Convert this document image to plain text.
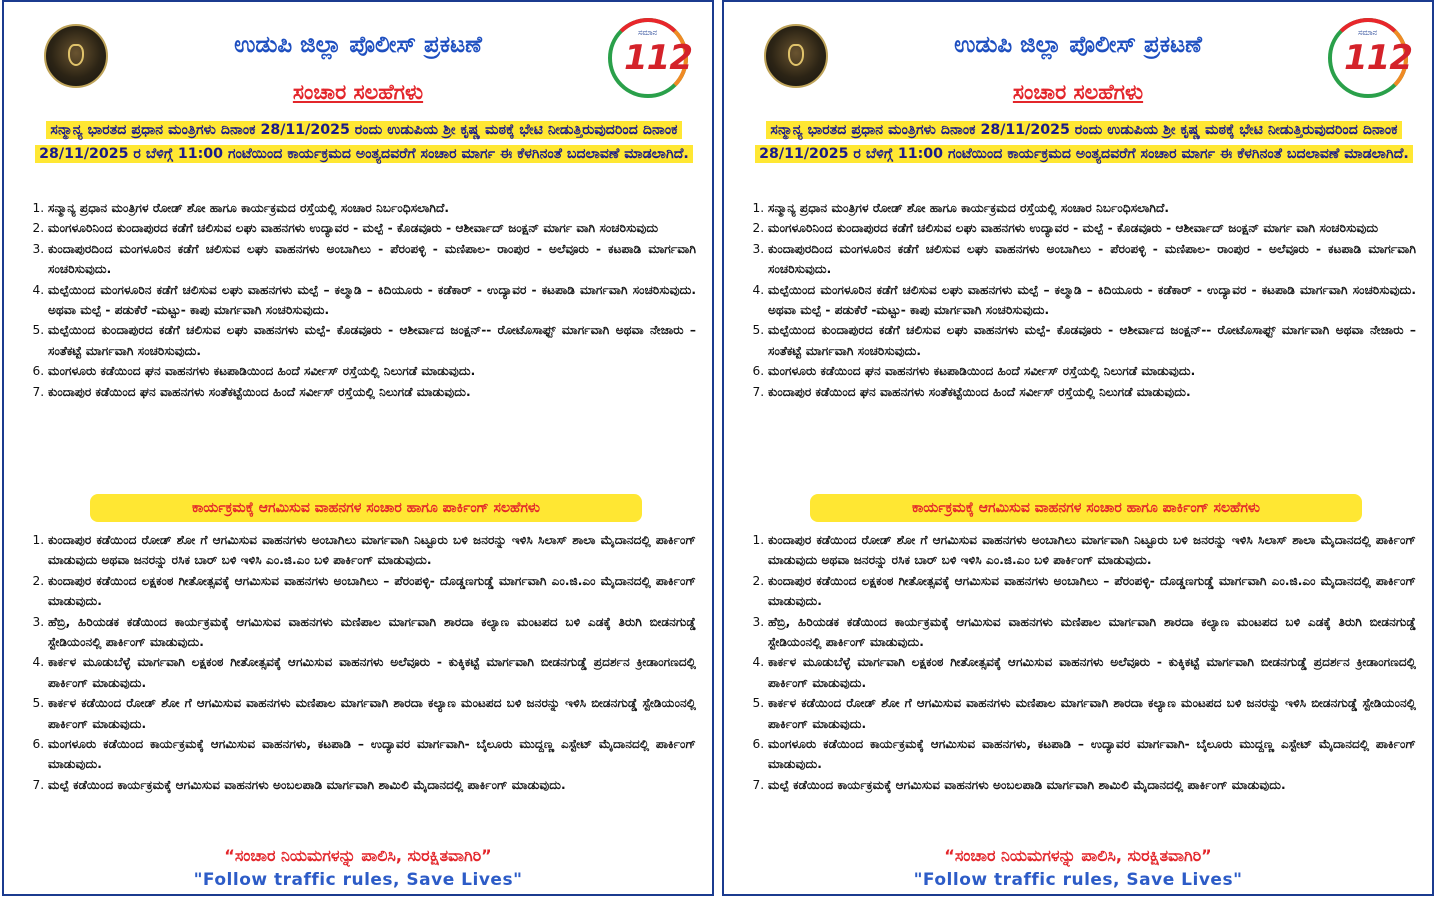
ಸಮಾನ
112
ಉಡುಪಿ ಜಿಲ್ಲಾ ಪೊಲೀಸ್ ಪ್ರಕಟಣೆ
ಸಂಚಾರ ಸಲಹೆಗಳು
ಸನ್ಮಾನ್ಯ ಭಾರತದ ಪ್ರಧಾನ ಮಂತ್ರಿಗಳು ದಿನಾಂಕ 28/11/2025 ರಂದು ಉಡುಪಿಯ ಶ್ರೀ ಕೃಷ್ಣ ಮಠಕ್ಕೆ ಭೇಟಿ ನೀಡುತ್ತಿರುವುದರಿಂದ ದಿನಾಂಕ 28/11/2025 ರ ಬೆಳಿಗ್ಗೆ 11:00 ಗಂಟೆಯಿಂದ ಕಾರ್ಯಕ್ರಮದ ಅಂತ್ಯದವರೆಗೆ ಸಂಚಾರ ಮಾರ್ಗ ಈ ಕೆಳಗಿನಂತೆ ಬದಲಾವಣೆ ಮಾಡಲಾಗಿದೆ.
1. ಸನ್ಮಾನ್ಯ ಪ್ರಧಾನ ಮಂತ್ರಿಗಳ ರೋಡ್ ಶೋ ಹಾಗೂ ಕಾರ್ಯಕ್ರಮದ ರಸ್ತೆಯಲ್ಲಿ ಸಂಚಾರ ನಿರ್ಬಂಧಿಸಲಾಗಿದೆ.
2. ಮಂಗಳೂರಿನಿಂದ ಕುಂದಾಪುರದ ಕಡೆಗೆ ಚಲಿಸುವ ಲಘು ವಾಹನಗಳು ಉದ್ಯಾವರ - ಮಲ್ಪೆ - ಕೊಡವೂರು - ಆಶೀರ್ವಾದ್ ಜಂಕ್ಷನ್ ಮಾರ್ಗ ವಾಗಿ ಸಂಚರಿಸುವುದು
3. ಕುಂದಾಪುರದಿಂದ ಮಂಗಳೂರಿನ ಕಡೆಗೆ ಚಲಿಸುವ ಲಘು ವಾಹನಗಳು ಅಂಬಾಗಿಲು - ಪೆರಂಪಳ್ಳಿ - ಮಣಿಪಾಲ- ರಾಂಪುರ - ಅಲೆವೂರು - ಕಟಪಾಡಿ ಮಾರ್ಗವಾಗಿ ಸಂಚರಿಸುವುದು.
4. ಮಲ್ಪೆಯಿಂದ ಮಂಗಳೂರಿನ ಕಡೆಗೆ ಚಲಿಸುವ ಲಘು ವಾಹನಗಳು ಮಲ್ಪೆ – ಕಲ್ಮಾಡಿ – ಕಿದಿಯೂರು - ಕಡೆಕಾರ್ - ಉದ್ಯಾವರ - ಕಟಪಾಡಿ ಮಾರ್ಗವಾಗಿ ಸಂಚರಿಸುವುದು. ಅಥವಾ ಮಲ್ಪೆ - ಪಡುಕೆರೆ -ಮಟ್ಟು- ಕಾಪು ಮಾರ್ಗವಾಗಿ ಸಂಚರಿಸುವುದು.
5. ಮಲ್ಪೆಯಿಂದ ಕುಂದಾಪುರದ ಕಡೆಗೆ ಚಲಿಸುವ ಲಘು ವಾಹನಗಳು ಮಲ್ಪೆ- ಕೊಡವೂರು - ಆಶೀರ್ವಾದ ಜಂಕ್ಷನ್-- ರೋಟೊಸಾಫ್ಟ್ ಮಾರ್ಗವಾಗಿ ಅಥವಾ ನೇಜಾರು – ಸಂತೆಕಟ್ಟೆ ಮಾರ್ಗವಾಗಿ ಸಂಚರಿಸುವುದು.
6. ಮಂಗಳೂರು ಕಡೆಯಿಂದ ಘನ ವಾಹನಗಳು ಕಟಪಾಡಿಯಿಂದ ಹಿಂದೆ ಸರ್ವೀಸ್ ರಸ್ತೆಯಲ್ಲಿ ನಿಲುಗಡೆ ಮಾಡುವುದು.
7. ಕುಂದಾಪುರ ಕಡೆಯಿಂದ ಘನ ವಾಹನಗಳು ಸಂತೆಕಟ್ಟೆಯಿಂದ ಹಿಂದೆ ಸರ್ವೀಸ್ ರಸ್ತೆಯಲ್ಲಿ ನಿಲುಗಡೆ ಮಾಡುವುದು.
ಕಾರ್ಯಕ್ರಮಕ್ಕೆ ಆಗಮಿಸುವ ವಾಹನಗಳ ಸಂಚಾರ ಹಾಗೂ ಪಾರ್ಕಿಂಗ್ ಸಲಹೆಗಳು
1. ಕುಂದಾಪುರ ಕಡೆಯಿಂದ ರೋಡ್ ಶೋ ಗೆ ಆಗಮಿಸುವ ವಾಹನಗಳು ಅಂಬಾಗಿಲು ಮಾರ್ಗವಾಗಿ ನಿಟ್ಟೂರು ಬಳಿ ಜನರನ್ನು ಇಳಿಸಿ ಸಿಲಾಸ್ ಶಾಲಾ ಮೈದಾನದಲ್ಲಿ ಪಾರ್ಕಿಂಗ್ ಮಾಡುವುದು ಅಥವಾ ಜನರನ್ನು ರಸಿಕ ಬಾರ್ ಬಳಿ ಇಳಿಸಿ ಎಂ.ಜಿ.ಎಂ ಬಳಿ ಪಾರ್ಕಿಂಗ್ ಮಾಡುವುದು.
2. ಕುಂದಾಪುರ ಕಡೆಯಿಂದ ಲಕ್ಷಕಂಠ ಗೀತೋತ್ಸವಕ್ಕೆ ಆಗಮಿಸುವ ವಾಹನಗಳು ಅಂಬಾಗಿಲು – ಪೆರಂಪಳ್ಳಿ- ದೊಡ್ಡಣಗುಡ್ಡೆ ಮಾರ್ಗವಾಗಿ ಎಂ.ಜಿ.ಎಂ ಮೈದಾನದಲ್ಲಿ ಪಾರ್ಕಿಂಗ್ ಮಾಡುವುದು.
3. ಹೆಬ್ರಿ, ಹಿರಿಯಡಕ ಕಡೆಯಿಂದ ಕಾರ್ಯಕ್ರಮಕ್ಕೆ ಆಗಮಿಸುವ ವಾಹನಗಳು ಮಣಿಪಾಲ ಮಾರ್ಗವಾಗಿ ಶಾರದಾ ಕಲ್ಯಾಣ ಮಂಟಪದ ಬಳಿ ಎಡಕ್ಕೆ ತಿರುಗಿ ಬೀಡನಗುಡ್ಡೆ ಸ್ಟೇಡಿಯಂನಲ್ಲಿ ಪಾರ್ಕಿಂಗ್ ಮಾಡುವುದು.
4. ಕಾರ್ಕಳ ಮೂಡುಬೆಳ್ಳೆ ಮಾರ್ಗವಾಗಿ ಲಕ್ಷಕಂಠ ಗೀತೋತ್ಸವಕ್ಕೆ ಆಗಮಿಸುವ ವಾಹನಗಳು ಅಲೆವೂರು - ಕುಕ್ಕಿಕಟ್ಟೆ ಮಾರ್ಗವಾಗಿ ಬೀಡನಗುಡ್ಡೆ ಪ್ರದರ್ಶನ ಕ್ರೀಡಾಂಗಣದಲ್ಲಿ ಪಾರ್ಕಿಂಗ್ ಮಾಡುವುದು.
5. ಕಾರ್ಕಳ ಕಡೆಯಿಂದ ರೋಡ್ ಶೋ ಗೆ ಆಗಮಿಸುವ ವಾಹನಗಳು ಮಣಿಪಾಲ ಮಾರ್ಗವಾಗಿ ಶಾರದಾ ಕಲ್ಯಾಣ ಮಂಟಪದ ಬಳಿ ಜನರನ್ನು ಇಳಿಸಿ ಬೀಡನಗುಡ್ಡೆ ಸ್ಟೇಡಿಯಂನಲ್ಲಿ ಪಾರ್ಕಿಂಗ್ ಮಾಡುವುದು.
6. ಮಂಗಳೂರು ಕಡೆಯಿಂದ ಕಾರ್ಯಕ್ರಮಕ್ಕೆ ಆಗಮಿಸುವ ವಾಹನಗಳು, ಕಟಪಾಡಿ – ಉದ್ಯಾವರ ಮಾರ್ಗವಾಗಿ- ಬೈಲೂರು ಮುದ್ದಣ್ಣ ಎಸ್ಟೇಟ್ ಮೈದಾನದಲ್ಲಿ ಪಾರ್ಕಿಂಗ್ ಮಾಡುವುದು.
7. ಮಲ್ಪೆ ಕಡೆಯಿಂದ ಕಾರ್ಯಕ್ರಮಕ್ಕೆ ಆಗಮಿಸುವ ವಾಹನಗಳು ಅಂಬಲಪಾಡಿ ಮಾರ್ಗವಾಗಿ ಶಾಮಿಲಿ ಮೈದಾನದಲ್ಲಿ ಪಾರ್ಕಿಂಗ್ ಮಾಡುವುದು.
“ಸಂಚಾರ ನಿಯಮಗಳನ್ನು ಪಾಲಿಸಿ, ಸುರಕ್ಷಿತವಾಗಿರಿ”
"Follow traffic rules, Save Lives"
ಸಮಾನ
112
ಉಡುಪಿ ಜಿಲ್ಲಾ ಪೊಲೀಸ್ ಪ್ರಕಟಣೆ
ಸಂಚಾರ ಸಲಹೆಗಳು
ಸನ್ಮಾನ್ಯ ಭಾರತದ ಪ್ರಧಾನ ಮಂತ್ರಿಗಳು ದಿನಾಂಕ 28/11/2025 ರಂದು ಉಡುಪಿಯ ಶ್ರೀ ಕೃಷ್ಣ ಮಠಕ್ಕೆ ಭೇಟಿ ನೀಡುತ್ತಿರುವುದರಿಂದ ದಿನಾಂಕ 28/11/2025 ರ ಬೆಳಿಗ್ಗೆ 11:00 ಗಂಟೆಯಿಂದ ಕಾರ್ಯಕ್ರಮದ ಅಂತ್ಯದವರೆಗೆ ಸಂಚಾರ ಮಾರ್ಗ ಈ ಕೆಳಗಿನಂತೆ ಬದಲಾವಣೆ ಮಾಡಲಾಗಿದೆ.
1. ಸನ್ಮಾನ್ಯ ಪ್ರಧಾನ ಮಂತ್ರಿಗಳ ರೋಡ್ ಶೋ ಹಾಗೂ ಕಾರ್ಯಕ್ರಮದ ರಸ್ತೆಯಲ್ಲಿ ಸಂಚಾರ ನಿರ್ಬಂಧಿಸಲಾಗಿದೆ.
2. ಮಂಗಳೂರಿನಿಂದ ಕುಂದಾಪುರದ ಕಡೆಗೆ ಚಲಿಸುವ ಲಘು ವಾಹನಗಳು ಉದ್ಯಾವರ - ಮಲ್ಪೆ - ಕೊಡವೂರು - ಆಶೀರ್ವಾದ್ ಜಂಕ್ಷನ್ ಮಾರ್ಗ ವಾಗಿ ಸಂಚರಿಸುವುದು
3. ಕುಂದಾಪುರದಿಂದ ಮಂಗಳೂರಿನ ಕಡೆಗೆ ಚಲಿಸುವ ಲಘು ವಾಹನಗಳು ಅಂಬಾಗಿಲು - ಪೆರಂಪಳ್ಳಿ - ಮಣಿಪಾಲ- ರಾಂಪುರ - ಅಲೆವೂರು - ಕಟಪಾಡಿ ಮಾರ್ಗವಾಗಿ ಸಂಚರಿಸುವುದು.
4. ಮಲ್ಪೆಯಿಂದ ಮಂಗಳೂರಿನ ಕಡೆಗೆ ಚಲಿಸುವ ಲಘು ವಾಹನಗಳು ಮಲ್ಪೆ – ಕಲ್ಮಾಡಿ – ಕಿದಿಯೂರು - ಕಡೆಕಾರ್ - ಉದ್ಯಾವರ - ಕಟಪಾಡಿ ಮಾರ್ಗವಾಗಿ ಸಂಚರಿಸುವುದು. ಅಥವಾ ಮಲ್ಪೆ - ಪಡುಕೆರೆ -ಮಟ್ಟು- ಕಾಪು ಮಾರ್ಗವಾಗಿ ಸಂಚರಿಸುವುದು.
5. ಮಲ್ಪೆಯಿಂದ ಕುಂದಾಪುರದ ಕಡೆಗೆ ಚಲಿಸುವ ಲಘು ವಾಹನಗಳು ಮಲ್ಪೆ- ಕೊಡವೂರು - ಆಶೀರ್ವಾದ ಜಂಕ್ಷನ್-- ರೋಟೊಸಾಫ್ಟ್ ಮಾರ್ಗವಾಗಿ ಅಥವಾ ನೇಜಾರು – ಸಂತೆಕಟ್ಟೆ ಮಾರ್ಗವಾಗಿ ಸಂಚರಿಸುವುದು.
6. ಮಂಗಳೂರು ಕಡೆಯಿಂದ ಘನ ವಾಹನಗಳು ಕಟಪಾಡಿಯಿಂದ ಹಿಂದೆ ಸರ್ವೀಸ್ ರಸ್ತೆಯಲ್ಲಿ ನಿಲುಗಡೆ ಮಾಡುವುದು.
7. ಕುಂದಾಪುರ ಕಡೆಯಿಂದ ಘನ ವಾಹನಗಳು ಸಂತೆಕಟ್ಟೆಯಿಂದ ಹಿಂದೆ ಸರ್ವೀಸ್ ರಸ್ತೆಯಲ್ಲಿ ನಿಲುಗಡೆ ಮಾಡುವುದು.
ಕಾರ್ಯಕ್ರಮಕ್ಕೆ ಆಗಮಿಸುವ ವಾಹನಗಳ ಸಂಚಾರ ಹಾಗೂ ಪಾರ್ಕಿಂಗ್ ಸಲಹೆಗಳು
1. ಕುಂದಾಪುರ ಕಡೆಯಿಂದ ರೋಡ್ ಶೋ ಗೆ ಆಗಮಿಸುವ ವಾಹನಗಳು ಅಂಬಾಗಿಲು ಮಾರ್ಗವಾಗಿ ನಿಟ್ಟೂರು ಬಳಿ ಜನರನ್ನು ಇಳಿಸಿ ಸಿಲಾಸ್ ಶಾಲಾ ಮೈದಾನದಲ್ಲಿ ಪಾರ್ಕಿಂಗ್ ಮಾಡುವುದು ಅಥವಾ ಜನರನ್ನು ರಸಿಕ ಬಾರ್ ಬಳಿ ಇಳಿಸಿ ಎಂ.ಜಿ.ಎಂ ಬಳಿ ಪಾರ್ಕಿಂಗ್ ಮಾಡುವುದು.
2. ಕುಂದಾಪುರ ಕಡೆಯಿಂದ ಲಕ್ಷಕಂಠ ಗೀತೋತ್ಸವಕ್ಕೆ ಆಗಮಿಸುವ ವಾಹನಗಳು ಅಂಬಾಗಿಲು – ಪೆರಂಪಳ್ಳಿ- ದೊಡ್ಡಣಗುಡ್ಡೆ ಮಾರ್ಗವಾಗಿ ಎಂ.ಜಿ.ಎಂ ಮೈದಾನದಲ್ಲಿ ಪಾರ್ಕಿಂಗ್ ಮಾಡುವುದು.
3. ಹೆಬ್ರಿ, ಹಿರಿಯಡಕ ಕಡೆಯಿಂದ ಕಾರ್ಯಕ್ರಮಕ್ಕೆ ಆಗಮಿಸುವ ವಾಹನಗಳು ಮಣಿಪಾಲ ಮಾರ್ಗವಾಗಿ ಶಾರದಾ ಕಲ್ಯಾಣ ಮಂಟಪದ ಬಳಿ ಎಡಕ್ಕೆ ತಿರುಗಿ ಬೀಡನಗುಡ್ಡೆ ಸ್ಟೇಡಿಯಂನಲ್ಲಿ ಪಾರ್ಕಿಂಗ್ ಮಾಡುವುದು.
4. ಕಾರ್ಕಳ ಮೂಡುಬೆಳ್ಳೆ ಮಾರ್ಗವಾಗಿ ಲಕ್ಷಕಂಠ ಗೀತೋತ್ಸವಕ್ಕೆ ಆಗಮಿಸುವ ವಾಹನಗಳು ಅಲೆವೂರು - ಕುಕ್ಕಿಕಟ್ಟೆ ಮಾರ್ಗವಾಗಿ ಬೀಡನಗುಡ್ಡೆ ಪ್ರದರ್ಶನ ಕ್ರೀಡಾಂಗಣದಲ್ಲಿ ಪಾರ್ಕಿಂಗ್ ಮಾಡುವುದು.
5. ಕಾರ್ಕಳ ಕಡೆಯಿಂದ ರೋಡ್ ಶೋ ಗೆ ಆಗಮಿಸುವ ವಾಹನಗಳು ಮಣಿಪಾಲ ಮಾರ್ಗವಾಗಿ ಶಾರದಾ ಕಲ್ಯಾಣ ಮಂಟಪದ ಬಳಿ ಜನರನ್ನು ಇಳಿಸಿ ಬೀಡನಗುಡ್ಡೆ ಸ್ಟೇಡಿಯಂನಲ್ಲಿ ಪಾರ್ಕಿಂಗ್ ಮಾಡುವುದು.
6. ಮಂಗಳೂರು ಕಡೆಯಿಂದ ಕಾರ್ಯಕ್ರಮಕ್ಕೆ ಆಗಮಿಸುವ ವಾಹನಗಳು, ಕಟಪಾಡಿ – ಉದ್ಯಾವರ ಮಾರ್ಗವಾಗಿ- ಬೈಲೂರು ಮುದ್ದಣ್ಣ ಎಸ್ಟೇಟ್ ಮೈದಾನದಲ್ಲಿ ಪಾರ್ಕಿಂಗ್ ಮಾಡುವುದು.
7. ಮಲ್ಪೆ ಕಡೆಯಿಂದ ಕಾರ್ಯಕ್ರಮಕ್ಕೆ ಆಗಮಿಸುವ ವಾಹನಗಳು ಅಂಬಲಪಾಡಿ ಮಾರ್ಗವಾಗಿ ಶಾಮಿಲಿ ಮೈದಾನದಲ್ಲಿ ಪಾರ್ಕಿಂಗ್ ಮಾಡುವುದು.
“ಸಂಚಾರ ನಿಯಮಗಳನ್ನು ಪಾಲಿಸಿ, ಸುರಕ್ಷಿತವಾಗಿರಿ”
"Follow traffic rules, Save Lives"
